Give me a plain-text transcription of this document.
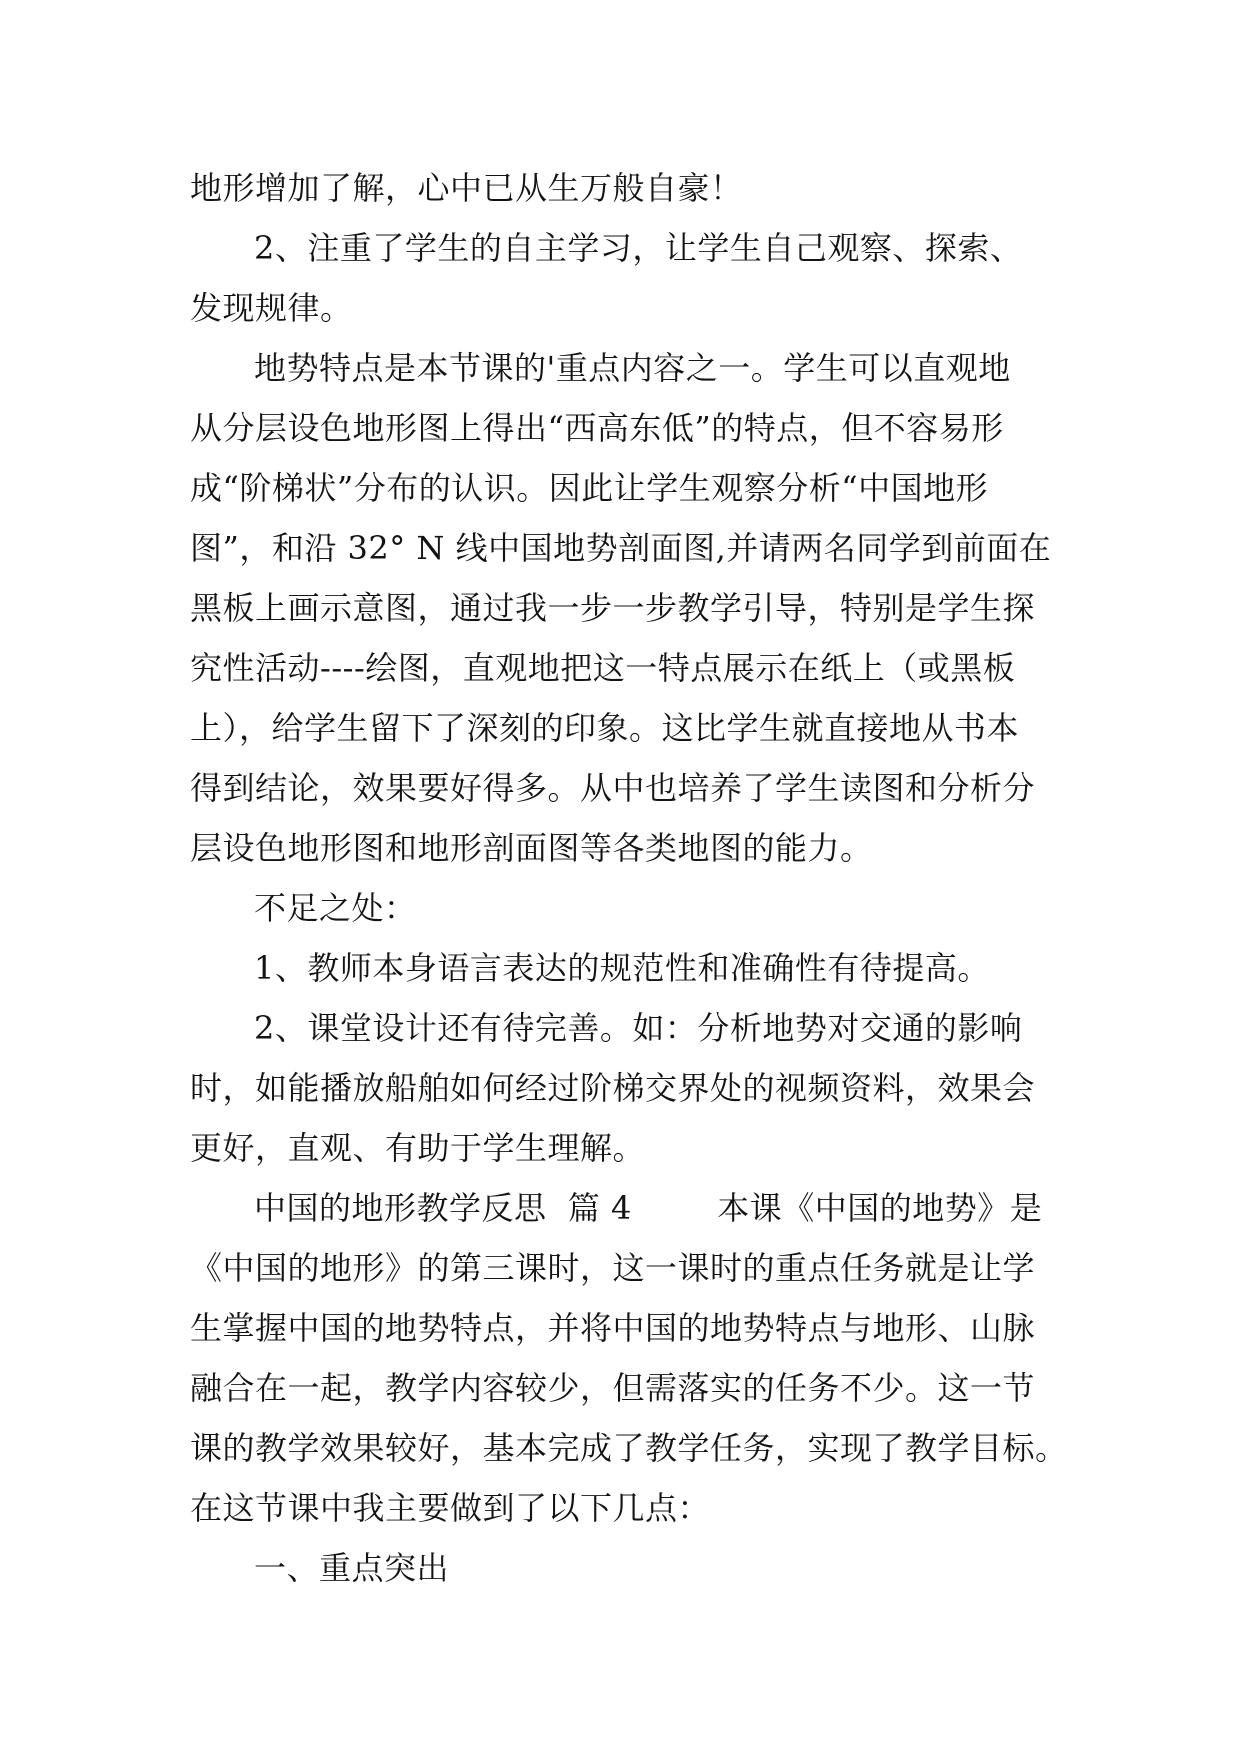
地形增加了解，心中已从生万般自豪！

2、注重了学生的自主学习，让学生自己观察、探索、
发现规律。

地势特点是本节课的'重点内容之一。学生可以直观地
从分层设色地形图上得出“西高东低”的特点，但不容易形
成“阶梯状”分布的认识。因此让学生观察分析“中国地形
图”，和沿 32° N 线中国地势剖面图,并请两名同学到前面在
黑板上画示意图，通过我一步一步教学引导，特别是学生探
究性活动----绘图，直观地把这一特点展示在纸上（或黑板
上），给学生留下了深刻的印象。这比学生就直接地从书本
得到结论，效果要好得多。从中也培养了学生读图和分析分
层设色地形图和地形剖面图等各类地图的能力。

不足之处：

1、教师本身语言表达的规范性和准确性有待提高。

2、课堂设计还有待完善。如：分析地势对交通的影响
时，如能播放船舶如何经过阶梯交界处的视频资料，效果会
更好，直观、有助于学生理解。

中国的地形教学反思  篇 4        本课《中国的地势》是
《中国的地形》的第三课时，这一课时的重点任务就是让学
生掌握中国的地势特点，并将中国的地势特点与地形、山脉
融合在一起，教学内容较少，但需落实的任务不少。这一节
课的教学效果较好，基本完成了教学任务，实现了教学目标。
在这节课中我主要做到了以下几点：

一、重点突出
